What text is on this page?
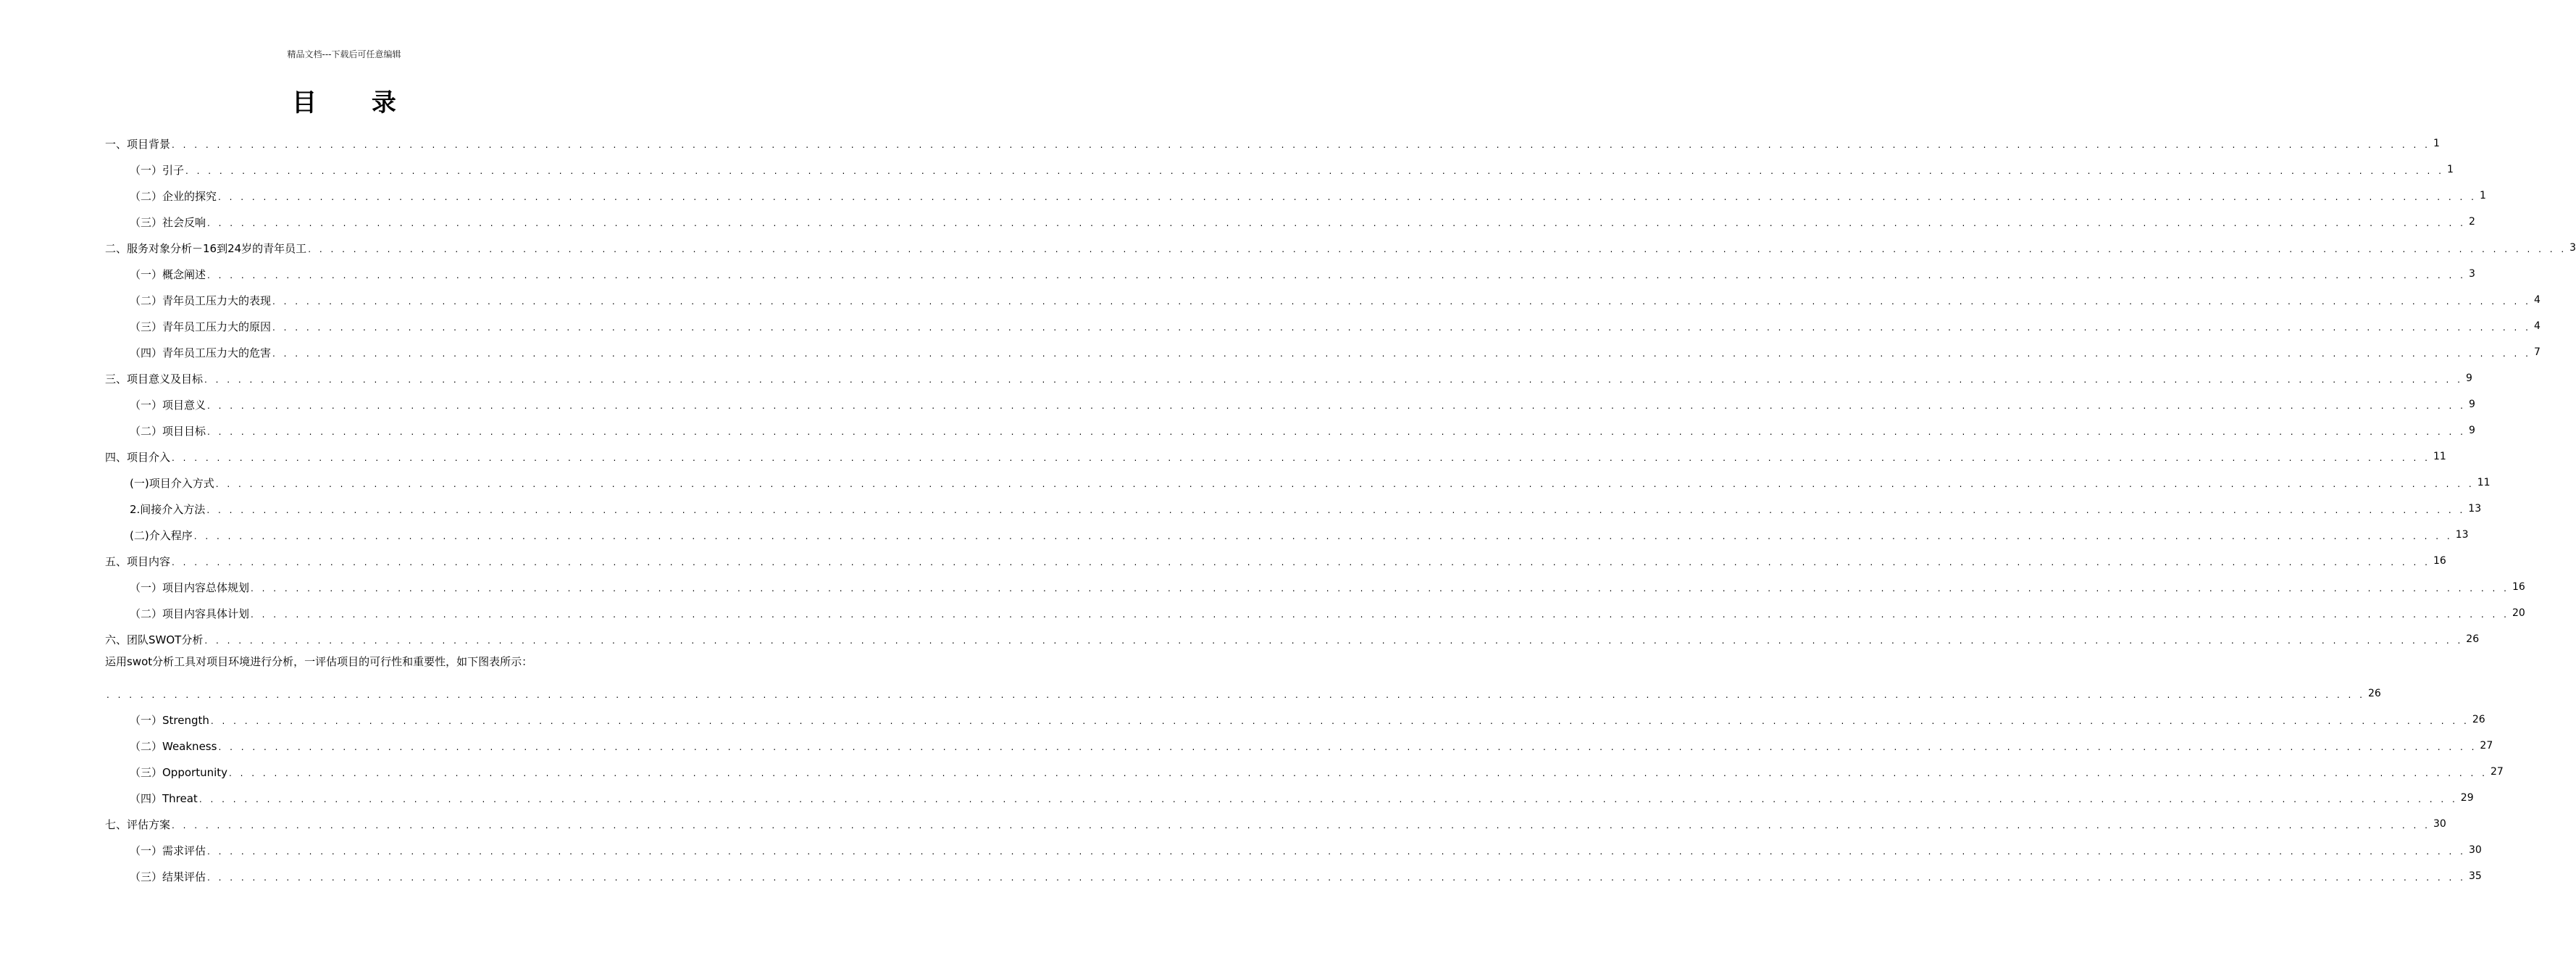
精品文档---下载后可任意编辑
目 录
运用swot分析工具对项目环境进行分析，一评估项目的可行性和重要性，如下图表所示：
一、项目背景 . . . . . . . . . . . . . . . . . . . . . . . . . . . . . . . . . . . . . . . . . . . . . . . . . . . . . . . . . . . . . . . . . . . . . . . . . . . . . . . . . . . . . . . . . . . . . . . . . . . . . . . . . . . . . . . . . . . . . . . . . . . . . . . . . . . . . . . . . . . . . . . . . . . . . . . . . . . . . . . . . . . . . . . . . . . . . . . . . . . . . . . . . . . . . . . . . . . . . . . . 1
（一）引子 . . . . . . . . . . . . . . . . . . . . . . . . . . . . . . . . . . . . . . . . . . . . . . . . . . . . . . . . . . . . . . . . . . . . . . . . . . . . . . . . . . . . . . . . . . . . . . . . . . . . . . . . . . . . . . . . . . . . . . . . . . . . . . . . . . . . . . . . . . . . . . . . . . . . . . . . . . . . . . . . . . . . . . . . . . . . . . . . . . . . . . . . . . . . . . . . . . . . . . . . 1
（二）企业的探究 . . . . . . . . . . . . . . . . . . . . . . . . . . . . . . . . . . . . . . . . . . . . . . . . . . . . . . . . . . . . . . . . . . . . . . . . . . . . . . . . . . . . . . . . . . . . . . . . . . . . . . . . . . . . . . . . . . . . . . . . . . . . . . . . . . . . . . . . . . . . . . . . . . . . . . . . . . . . . . . . . . . . . . . . . . . . . . . . . . . . . . . . . . . . . . . . . . . . . . . . 1
（三）社会反响 . . . . . . . . . . . . . . . . . . . . . . . . . . . . . . . . . . . . . . . . . . . . . . . . . . . . . . . . . . . . . . . . . . . . . . . . . . . . . . . . . . . . . . . . . . . . . . . . . . . . . . . . . . . . . . . . . . . . . . . . . . . . . . . . . . . . . . . . . . . . . . . . . . . . . . . . . . . . . . . . . . . . . . . . . . . . . . . . . . . . . . . . . . . . . . . . . . . . . . . . 2
二、服务对象分析－16到24岁的青年员工 . . . . . . . . . . . . . . . . . . . . . . . . . . . . . . . . . . . . . . . . . . . . . . . . . . . . . . . . . . . . . . . . . . . . . . . . . . . . . . . . . . . . . . . . . . . . . . . . . . . . . . . . . . . . . . . . . . . . . . . . . . . . . . . . . . . . . . . . . . . . . . . . . . . . . . . . . . . . . . . . . . . . . . . . . . . . . . . . . . . . . . . . . . . . . . . . . . . . . . . . 3
（一）概念阐述 . . . . . . . . . . . . . . . . . . . . . . . . . . . . . . . . . . . . . . . . . . . . . . . . . . . . . . . . . . . . . . . . . . . . . . . . . . . . . . . . . . . . . . . . . . . . . . . . . . . . . . . . . . . . . . . . . . . . . . . . . . . . . . . . . . . . . . . . . . . . . . . . . . . . . . . . . . . . . . . . . . . . . . . . . . . . . . . . . . . . . . . . . . . . . . . . . . . . . . . . 3
（二）青年员工压力大的表现 . . . . . . . . . . . . . . . . . . . . . . . . . . . . . . . . . . . . . . . . . . . . . . . . . . . . . . . . . . . . . . . . . . . . . . . . . . . . . . . . . . . . . . . . . . . . . . . . . . . . . . . . . . . . . . . . . . . . . . . . . . . . . . . . . . . . . . . . . . . . . . . . . . . . . . . . . . . . . . . . . . . . . . . . . . . . . . . . . . . . . . . . . . . . . . . . . . . . . . . . 4
（三）青年员工压力大的原因 . . . . . . . . . . . . . . . . . . . . . . . . . . . . . . . . . . . . . . . . . . . . . . . . . . . . . . . . . . . . . . . . . . . . . . . . . . . . . . . . . . . . . . . . . . . . . . . . . . . . . . . . . . . . . . . . . . . . . . . . . . . . . . . . . . . . . . . . . . . . . . . . . . . . . . . . . . . . . . . . . . . . . . . . . . . . . . . . . . . . . . . . . . . . . . . . . . . . . . . . 4
（四）青年员工压力大的危害 . . . . . . . . . . . . . . . . . . . . . . . . . . . . . . . . . . . . . . . . . . . . . . . . . . . . . . . . . . . . . . . . . . . . . . . . . . . . . . . . . . . . . . . . . . . . . . . . . . . . . . . . . . . . . . . . . . . . . . . . . . . . . . . . . . . . . . . . . . . . . . . . . . . . . . . . . . . . . . . . . . . . . . . . . . . . . . . . . . . . . . . . . . . . . . . . . . . . . . . . 7
三、项目意义及目标 . . . . . . . . . . . . . . . . . . . . . . . . . . . . . . . . . . . . . . . . . . . . . . . . . . . . . . . . . . . . . . . . . . . . . . . . . . . . . . . . . . . . . . . . . . . . . . . . . . . . . . . . . . . . . . . . . . . . . . . . . . . . . . . . . . . . . . . . . . . . . . . . . . . . . . . . . . . . . . . . . . . . . . . . . . . . . . . . . . . . . . . . . . . . . . . . . . . . . . . . 9
（一）项目意义 . . . . . . . . . . . . . . . . . . . . . . . . . . . . . . . . . . . . . . . . . . . . . . . . . . . . . . . . . . . . . . . . . . . . . . . . . . . . . . . . . . . . . . . . . . . . . . . . . . . . . . . . . . . . . . . . . . . . . . . . . . . . . . . . . . . . . . . . . . . . . . . . . . . . . . . . . . . . . . . . . . . . . . . . . . . . . . . . . . . . . . . . . . . . . . . . . . . . . . . . 9
（二）项目目标 . . . . . . . . . . . . . . . . . . . . . . . . . . . . . . . . . . . . . . . . . . . . . . . . . . . . . . . . . . . . . . . . . . . . . . . . . . . . . . . . . . . . . . . . . . . . . . . . . . . . . . . . . . . . . . . . . . . . . . . . . . . . . . . . . . . . . . . . . . . . . . . . . . . . . . . . . . . . . . . . . . . . . . . . . . . . . . . . . . . . . . . . . . . . . . . . . . . . . . . . 9
四、项目介入 . . . . . . . . . . . . . . . . . . . . . . . . . . . . . . . . . . . . . . . . . . . . . . . . . . . . . . . . . . . . . . . . . . . . . . . . . . . . . . . . . . . . . . . . . . . . . . . . . . . . . . . . . . . . . . . . . . . . . . . . . . . . . . . . . . . . . . . . . . . . . . . . . . . . . . . . . . . . . . . . . . . . . . . . . . . . . . . . . . . . . . . . . . . . . . . . . . . . . . . . 11
(一)项目介入方式 . . . . . . . . . . . . . . . . . . . . . . . . . . . . . . . . . . . . . . . . . . . . . . . . . . . . . . . . . . . . . . . . . . . . . . . . . . . . . . . . . . . . . . . . . . . . . . . . . . . . . . . . . . . . . . . . . . . . . . . . . . . . . . . . . . . . . . . . . . . . . . . . . . . . . . . . . . . . . . . . . . . . . . . . . . . . . . . . . . . . . . . . . . . . . . . . . . . . . . . . 11
2.间接介入方法 . . . . . . . . . . . . . . . . . . . . . . . . . . . . . . . . . . . . . . . . . . . . . . . . . . . . . . . . . . . . . . . . . . . . . . . . . . . . . . . . . . . . . . . . . . . . . . . . . . . . . . . . . . . . . . . . . . . . . . . . . . . . . . . . . . . . . . . . . . . . . . . . . . . . . . . . . . . . . . . . . . . . . . . . . . . . . . . . . . . . . . . . . . . . . . . . . . . . . . . . 13
(二)介入程序 . . . . . . . . . . . . . . . . . . . . . . . . . . . . . . . . . . . . . . . . . . . . . . . . . . . . . . . . . . . . . . . . . . . . . . . . . . . . . . . . . . . . . . . . . . . . . . . . . . . . . . . . . . . . . . . . . . . . . . . . . . . . . . . . . . . . . . . . . . . . . . . . . . . . . . . . . . . . . . . . . . . . . . . . . . . . . . . . . . . . . . . . . . . . . . . . . . . . . . . . 13
五、项目内容 . . . . . . . . . . . . . . . . . . . . . . . . . . . . . . . . . . . . . . . . . . . . . . . . . . . . . . . . . . . . . . . . . . . . . . . . . . . . . . . . . . . . . . . . . . . . . . . . . . . . . . . . . . . . . . . . . . . . . . . . . . . . . . . . . . . . . . . . . . . . . . . . . . . . . . . . . . . . . . . . . . . . . . . . . . . . . . . . . . . . . . . . . . . . . . . . . . . . . . . . 16
（一）项目内容总体规划 . . . . . . . . . . . . . . . . . . . . . . . . . . . . . . . . . . . . . . . . . . . . . . . . . . . . . . . . . . . . . . . . . . . . . . . . . . . . . . . . . . . . . . . . . . . . . . . . . . . . . . . . . . . . . . . . . . . . . . . . . . . . . . . . . . . . . . . . . . . . . . . . . . . . . . . . . . . . . . . . . . . . . . . . . . . . . . . . . . . . . . . . . . . . . . . . . . . . . . . . 16
（二）项目内容具体计划 . . . . . . . . . . . . . . . . . . . . . . . . . . . . . . . . . . . . . . . . . . . . . . . . . . . . . . . . . . . . . . . . . . . . . . . . . . . . . . . . . . . . . . . . . . . . . . . . . . . . . . . . . . . . . . . . . . . . . . . . . . . . . . . . . . . . . . . . . . . . . . . . . . . . . . . . . . . . . . . . . . . . . . . . . . . . . . . . . . . . . . . . . . . . . . . . . . . . . . . . 20
六、团队SWOT分析 . . . . . . . . . . . . . . . . . . . . . . . . . . . . . . . . . . . . . . . . . . . . . . . . . . . . . . . . . . . . . . . . . . . . . . . . . . . . . . . . . . . . . . . . . . . . . . . . . . . . . . . . . . . . . . . . . . . . . . . . . . . . . . . . . . . . . . . . . . . . . . . . . . . . . . . . . . . . . . . . . . . . . . . . . . . . . . . . . . . . . . . . . . . . . . . . . . . . . . . . 26
. . . . . . . . . . . . . . . . . . . . . . . . . . . . . . . . . . . . . . . . . . . . . . . . . . . . . . . . . . . . . . . . . . . . . . . . . . . . . . . . . . . . . . . . . . . . . . . . . . . . . . . . . . . . . . . . . . . . . . . . . . . . . . . . . . . . . . . . . . . . . . . . . . . . . . . . . . . . . . . . . . . . . . . . . . . . . . . . . . . . . . . . . . . . . . . . . . . . . . . . 26
（一）Strength . . . . . . . . . . . . . . . . . . . . . . . . . . . . . . . . . . . . . . . . . . . . . . . . . . . . . . . . . . . . . . . . . . . . . . . . . . . . . . . . . . . . . . . . . . . . . . . . . . . . . . . . . . . . . . . . . . . . . . . . . . . . . . . . . . . . . . . . . . . . . . . . . . . . . . . . . . . . . . . . . . . . . . . . . . . . . . . . . . . . . . . . . . . . . . . . . . . . . . . . 26
（二）Weakness . . . . . . . . . . . . . . . . . . . . . . . . . . . . . . . . . . . . . . . . . . . . . . . . . . . . . . . . . . . . . . . . . . . . . . . . . . . . . . . . . . . . . . . . . . . . . . . . . . . . . . . . . . . . . . . . . . . . . . . . . . . . . . . . . . . . . . . . . . . . . . . . . . . . . . . . . . . . . . . . . . . . . . . . . . . . . . . . . . . . . . . . . . . . . . . . . . . . . . . . 27
（三）Opportunity . . . . . . . . . . . . . . . . . . . . . . . . . . . . . . . . . . . . . . . . . . . . . . . . . . . . . . . . . . . . . . . . . . . . . . . . . . . . . . . . . . . . . . . . . . . . . . . . . . . . . . . . . . . . . . . . . . . . . . . . . . . . . . . . . . . . . . . . . . . . . . . . . . . . . . . . . . . . . . . . . . . . . . . . . . . . . . . . . . . . . . . . . . . . . . . . . . . . . . . . 27
（四）Threat . . . . . . . . . . . . . . . . . . . . . . . . . . . . . . . . . . . . . . . . . . . . . . . . . . . . . . . . . . . . . . . . . . . . . . . . . . . . . . . . . . . . . . . . . . . . . . . . . . . . . . . . . . . . . . . . . . . . . . . . . . . . . . . . . . . . . . . . . . . . . . . . . . . . . . . . . . . . . . . . . . . . . . . . . . . . . . . . . . . . . . . . . . . . . . . . . . . . . . . . 29
七、评估方案 . . . . . . . . . . . . . . . . . . . . . . . . . . . . . . . . . . . . . . . . . . . . . . . . . . . . . . . . . . . . . . . . . . . . . . . . . . . . . . . . . . . . . . . . . . . . . . . . . . . . . . . . . . . . . . . . . . . . . . . . . . . . . . . . . . . . . . . . . . . . . . . . . . . . . . . . . . . . . . . . . . . . . . . . . . . . . . . . . . . . . . . . . . . . . . . . . . . . . . . . 30
（一）需求评估 . . . . . . . . . . . . . . . . . . . . . . . . . . . . . . . . . . . . . . . . . . . . . . . . . . . . . . . . . . . . . . . . . . . . . . . . . . . . . . . . . . . . . . . . . . . . . . . . . . . . . . . . . . . . . . . . . . . . . . . . . . . . . . . . . . . . . . . . . . . . . . . . . . . . . . . . . . . . . . . . . . . . . . . . . . . . . . . . . . . . . . . . . . . . . . . . . . . . . . . . 30
（三）结果评估 . . . . . . . . . . . . . . . . . . . . . . . . . . . . . . . . . . . . . . . . . . . . . . . . . . . . . . . . . . . . . . . . . . . . . . . . . . . . . . . . . . . . . . . . . . . . . . . . . . . . . . . . . . . . . . . . . . . . . . . . . . . . . . . . . . . . . . . . . . . . . . . . . . . . . . . . . . . . . . . . . . . . . . . . . . . . . . . . . . . . . . . . . . . . . . . . . . . . . . . . 35
